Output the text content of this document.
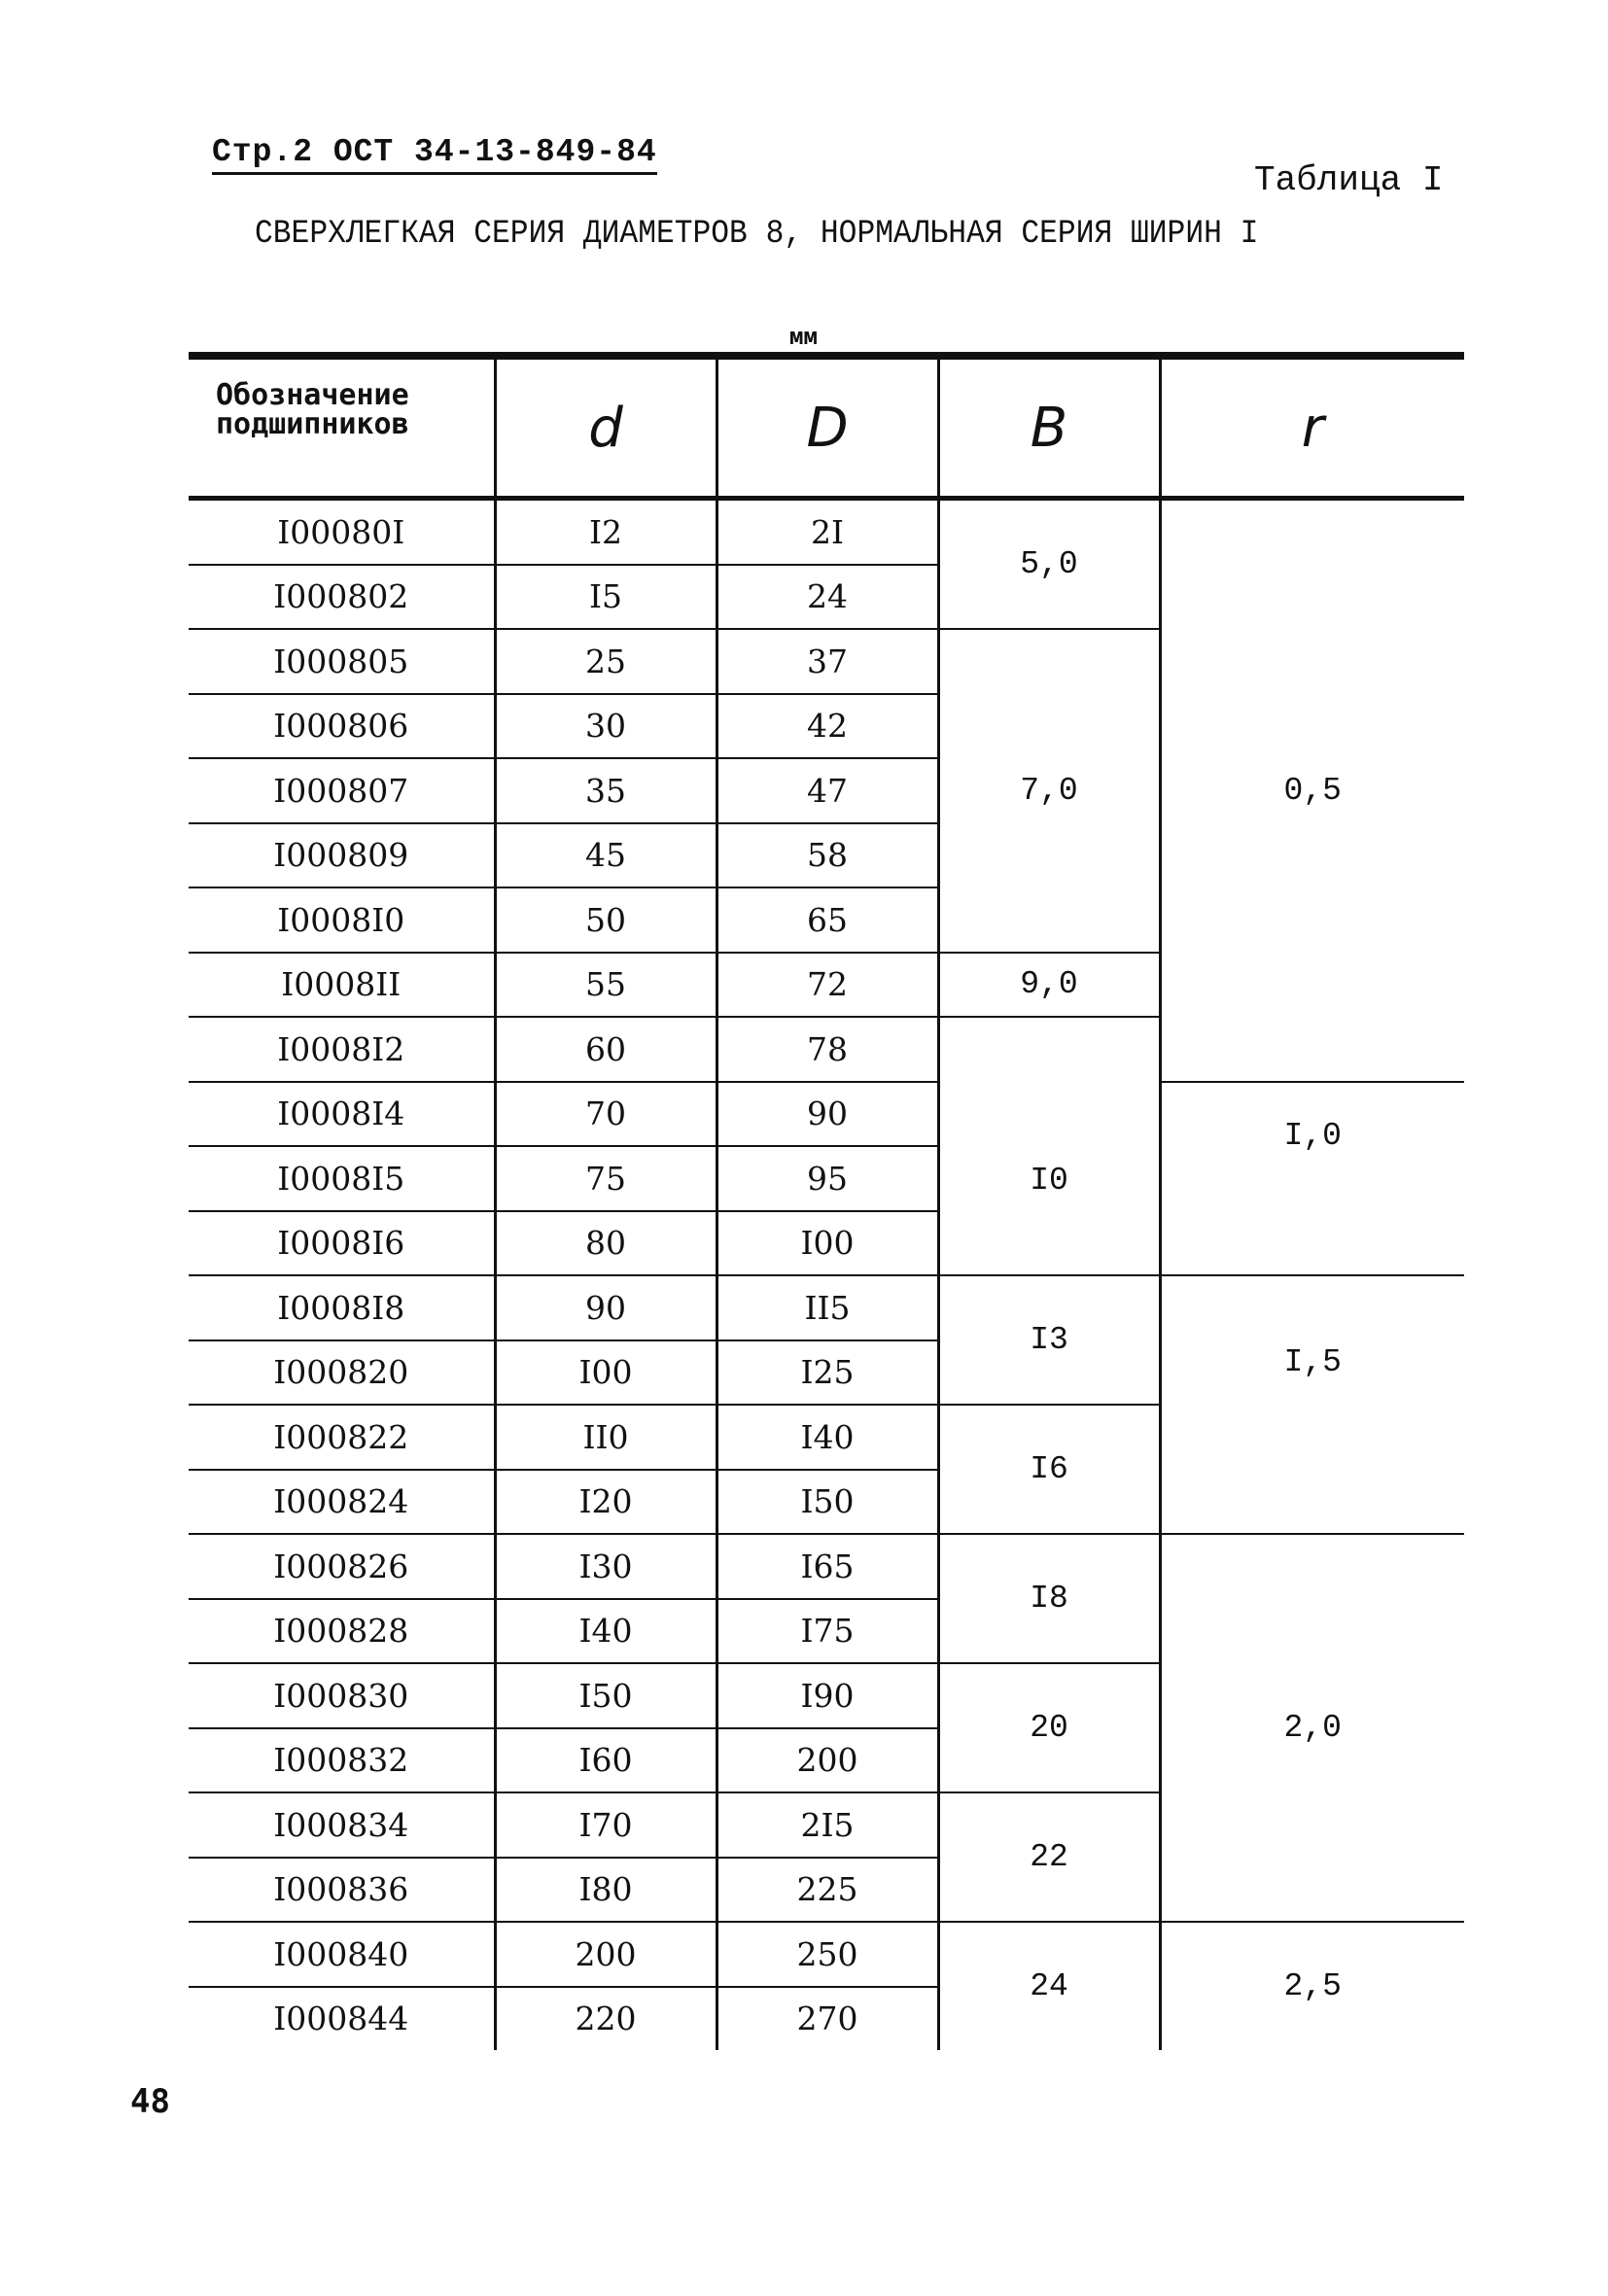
Стр.2 ОСТ 34-13-849-84
Таблица I
СВЕРХЛЕГКАЯ СЕРИЯ ДИАМЕТРОВ 8, НОРМАЛЬНАЯ СЕРИЯ ШИРИН I
мм
Обозначение подшипников	d	D	B	r
I00080I	I2	2I	5,0	0,5
I000802	I5	24		
I000805	25	37	7,0	
I000806	30	42		
I000807	35	47		
I000809	45	58		
I0008I0	50	65		
I0008II	55	72	9,0	
I0008I2	60	78	I0	
I0008I4	70	90		I,0
I0008I5	75	95		
I0008I6	80	I00		
I0008I8	90	II5	I3	I,5
I000820	I00	I25		
I000822	II0	I40	I6	
I000824	I20	I50		
I000826	I30	I65	I8	2,0
I000828	I40	I75		
I000830	I50	I90	20	
I000832	I60	200		
I000834	I70	2I5	22	
I000836	I80	225		
I000840	200	250	24	2,5
I000844	220	270		
48
